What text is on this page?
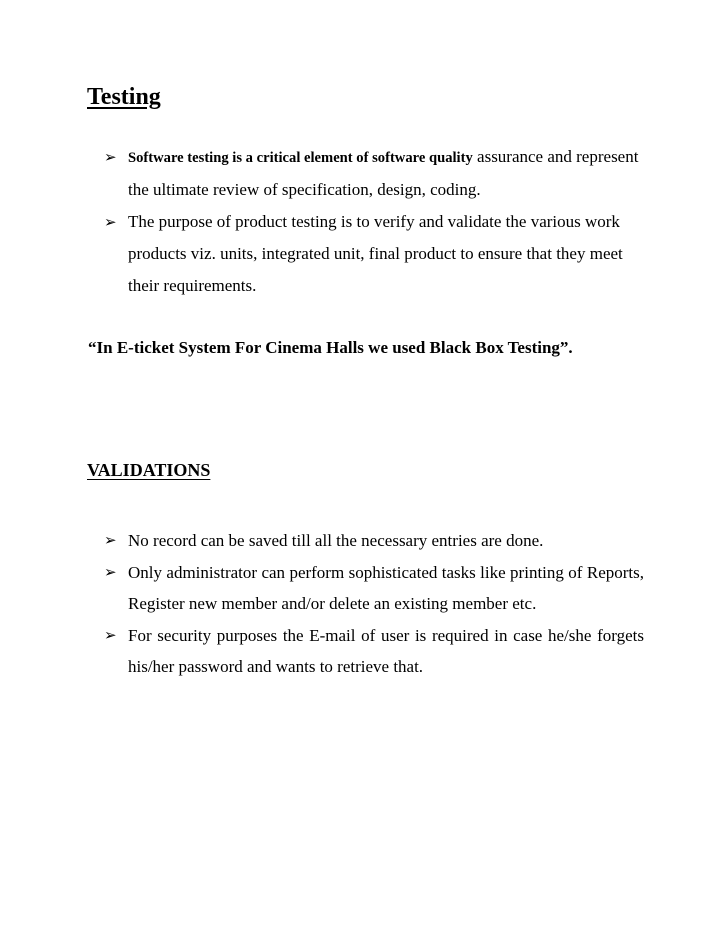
Testing
➢ Software testing is a critical element of software quality assurance and represent the ultimate review of specification, design, coding.
➢ The purpose of product testing is to verify and validate the various work products viz. units, integrated unit, final product to ensure that they meet their requirements.

“In E-ticket System For Cinema Halls we used Black Box Testing”.

VALIDATIONS
➢ No record can be saved till all the necessary entries are done.
➢ Only administrator can perform sophisticated tasks like printing of Reports, Register new member and/or delete an existing member etc.
➢ For security purposes the E-mail of user is required in case he/she forgets his/her password and wants to retrieve that.
